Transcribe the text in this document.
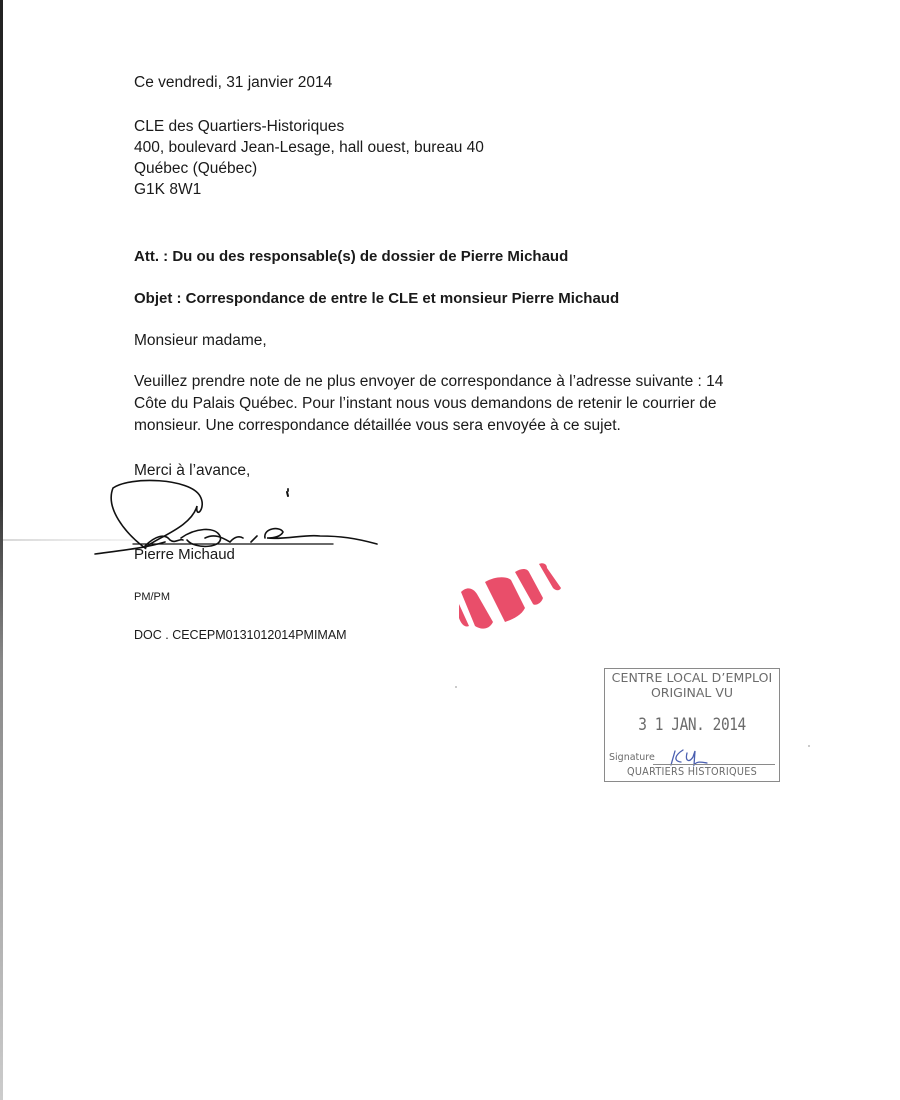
Ce vendredi, 31 janvier 2014
CLE des Quartiers-Historiques
400, boulevard Jean-Lesage, hall ouest, bureau 40
Québec (Québec)
G1K 8W1
Att. : Du ou des responsable(s) de dossier de Pierre Michaud
Objet : Correspondance de entre le CLE et monsieur Pierre Michaud
Monsieur madame,
Veuillez prendre note de ne plus envoyer de correspondance à l’adresse suivante : 14
Côte du Palais Québec. Pour l’instant nous vous demandons de retenir le courrier de
monsieur. Une correspondance détaillée vous sera envoyée à ce sujet.
Merci à l’avance,
Pierre Michaud
PM/PM
DOC . CECEPM0131012014PMIMAM
CENTRE LOCAL D’EMPLOI
ORIGINAL VU
3 1 JAN. 2014
Signature
QUARTIERS HISTORIQUES
